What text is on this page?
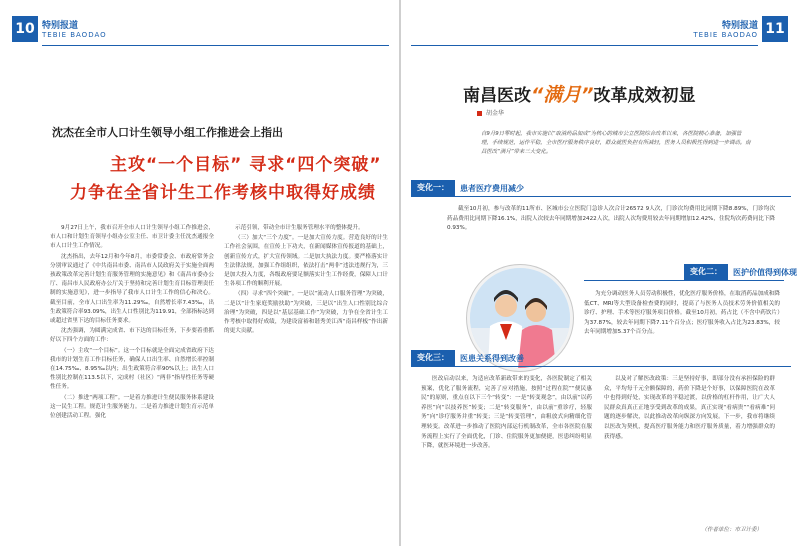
10 特别报道
TEBIE BAODAO
沈杰在全市人口计生领导小组工作推进会上指出
主攻“一个目标” 寻求“四个突破”
力争在全省计生工作考核中取得好成绩

9月27日上午，我市召开全市人口计生领导小组工作推进会，市人口和计划生育领导小组办公室主任、市卫计委主任沈杰通报全市人口计生工作情况。

沈杰指出，去年12月和今年8月，市委常委会、市政府常务会分别审议通过了《中共南昌市委、南昌市人民政府关于实施全面两孩政策改革完善计划生育服务管理的实施意见》和《南昌市委办公厅、南昌市人民政府办公厅关于坚持和完善计划生育目标管理责任制的实施意见》，进一步指导了我市人口计生工作的信心和决心。截至目前，全市人口出生率为11.29‰，自然增长率7.43‰，出生政策符合率93.09%，出生人口性别比为119.91，全部指标达到或超过省里下达的目标任务要求。

沈杰强调，为圆满完成省、市下达的目标任务，下步要着重抓好以下四个方面的工作：

（一）主攻“一个目标”。这一个目标就是全面完成省政府下达我市的计划生育工作目标任务，确保人口出生率、自然增长率控制在14.75‰、8.95‰以内；出生政策符合率90%以上；出生人口性别比控制在113.5以下，完成村（社区）“两非”指导性任务等硬性任务。

（二）推进“两项工程”。一是着力推进计生便民服务体系建设这一民生工程。规范计生服务能力。二是着力推进计划生育示范单位创建活动工程。强化

示范引领，带动全市计生服务管理水平的整体提升。

（三）加大“三个力度”。一是加大宣传力度。营造良好的计生工作社会氛围，在宣传上下功夫，在新闻媒体宣传报道的基础上，创新宣传方式，扩大宣传领域。二是加大执法力度。要严格落实计生法律法规，加强工作组组织，依法打击“两非”违法违规行为，三是加大投入力度，各级政府要足额落实计生工作经费，保障人口计生各项工作的顺利开展。

（四）寻求“四个突破”。一是以“流动人口服务管理”为突破，二是以“计生家庭奖励扶助”为突破，三是以“出生人口性别比综合治理”为突破，四是以“基层基础工作”为突破，力争在全省计生工作考核中取得好成绩，为建设富裕和谐秀美江西“南昌样板”作出新的更大贡献。

11
特别报道
TEBIE BAODAO
南昌医改“满月”改革成效初显
胡金华
自9月9日零时起，我市实施以“取消药品加成”为核心的城市公立医院综合改革以来，各医院精心准备，加强管理，手续规范，运作平稳，全市医疗服务秩序良好，群众就医负担有所减轻，医务人员积极性得到进一步调动。南昌医改“满月”带来三大变化。
变化一：	患者医疗费用减少

截至10月初，参与改革的11所市、区城市公立医院门急诊人次合计26572 9人次，门诊次均费用比同期下降8.89%，门诊均次药品费用比同期下降16.1%，出院人次较去年同期增加2422人次，出院人次均费用较去年同期增加12.42%，住院均次药费同比下降0.93%。

变化二：	医护价值得到体现

为充分调动医务人员劳动积极性，优化医疗服务价格，在取消药品加成和降低CT、MRI等大型设备检查费的同时，提高了与医务人员技术劳务价值相关的诊疗、护理、手术等医疗服务项目价格。截至10月初，药占比（不含中药饮片）为37.87%，较去年同期下降7.11个百分点；医疗服务收入占比为23.83%，较去年同期增加5.37个百分点。

变化三：	医患关系得到改善

医改启动以来，为适应改革新政带来的变化，各医院制定了相关预案，优化了服务流程，完善了应对措施，按照“过程在院”“便民惠民”的原则，重点在以下三个“转变”：一是“转变观念”，由以前“以药养医”向“以技养医”转变；二是“转变服务”，由以前“重诊疗，轻服务”向“诊疗服务并重”转变；三是“转变管理”，由粗放式向精细化管理转变。改革进一步推动了医院内部运行机制改革，全市各医院在服务流程上实行了全面优化，门诊、住院服务更加便捷，医患纠纷明显下降，就医环境进一步改善。

以及对了解医改政策：三是坚持好事，即部分没有承担保险的群众，平均每千元全额保障的，药价下降是个好事，以保障医院在改革中也得到好处，实现改革的平稳过渡，以价格的杠杆作用，让广大人民群众真真正正地享受到改革的成果，真正实现“看病贵”“看病难”问题的逐步解决，以此推动改革向纵深方向发展。下一步，我市将继续以医改为契机，提高医疗服务能力和医疗服务质量，着力增强群众的获得感。

（作者单位：市卫计委）
